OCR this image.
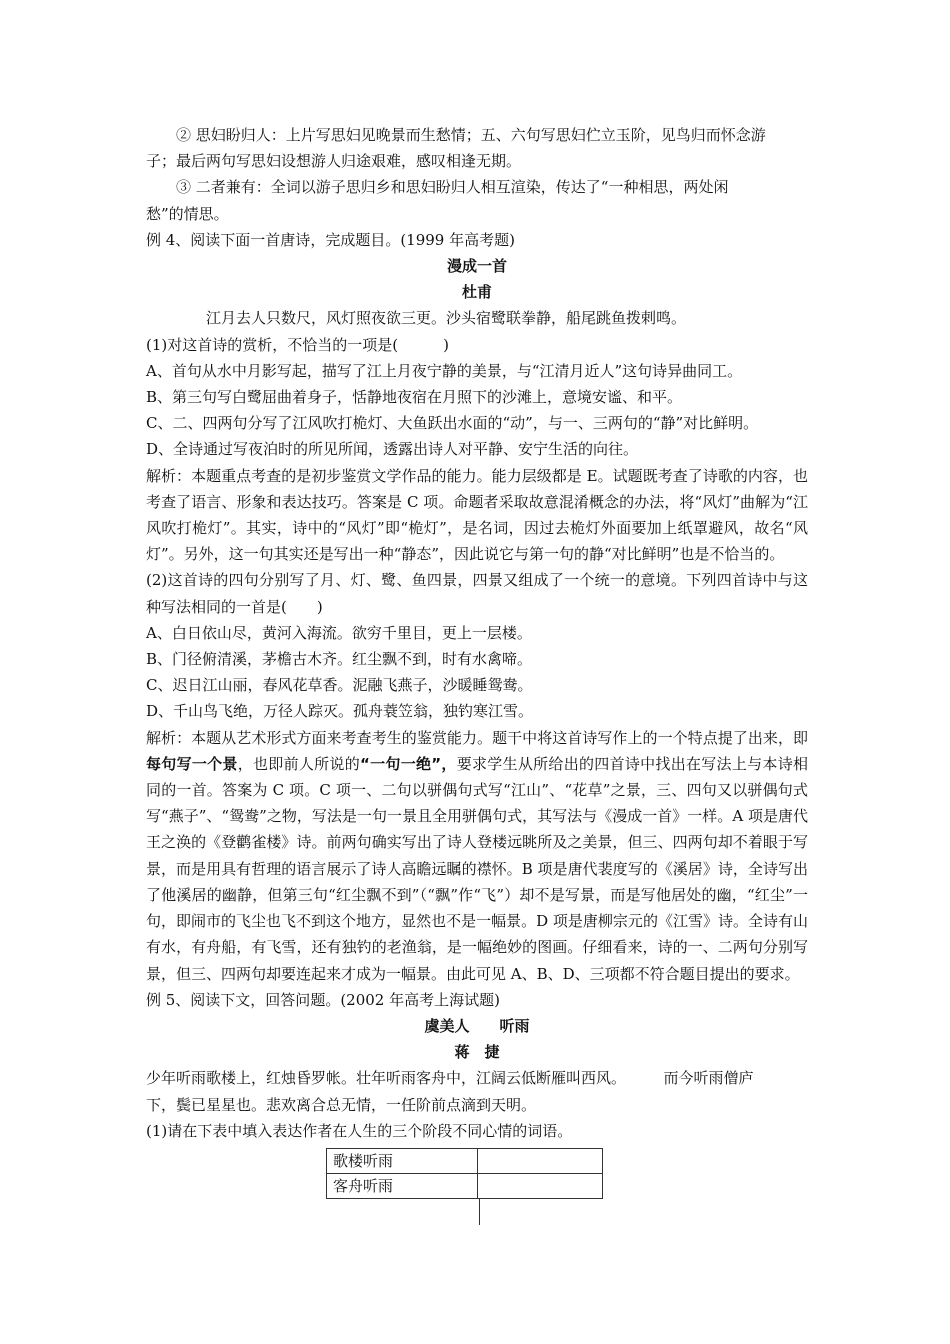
② 思妇盼归人：上片写思妇见晚景而生愁情；五、六句写思妇伫立玉阶，见鸟归而怀念游
子；最后两句写思妇设想游人归途艰难，感叹相逢无期。
③ 二者兼有：全词以游子思归乡和思妇盼归人相互渲染，传达了“一种相思，两处闲
愁”的情思。
例 4、阅读下面一首唐诗，完成题目。(1999 年高考题)
漫成一首
杜甫
江月去人只数尺，风灯照夜欲三更。沙头宿鹭联拳静，船尾跳鱼拨剌鸣。
(1)对这首诗的赏析，不恰当的一项是(　　　)
A、首句从水中月影写起，描写了江上月夜宁静的美景，与“江清月近人”这句诗异曲同工。
B、第三句写白鹭屈曲着身子，恬静地夜宿在月照下的沙滩上，意境安谧、和平。
C、二、四两句分写了江风吹打桅灯、大鱼跃出水面的“动”，与一、三两句的“静”对比鲜明。
D、全诗通过写夜泊时的所见所闻，透露出诗人对平静、安宁生活的向往。
解析：本题重点考查的是初步鉴赏文学作品的能力。能力层级都是 E。试题既考查了诗歌的内容，也考查了语言、形象和表达技巧。答案是 C 项。命题者采取故意混淆概念的办法，将“风灯”曲解为“江风吹打桅灯”。其实，诗中的“风灯”即“桅灯”，是名词，因过去桅灯外面要加上纸罩避风，故名“风灯”。另外，这一句其实还是写出一种“静态”，因此说它与第一句的静“对比鲜明”也是不恰当的。
(2)这首诗的四句分别写了月、灯、鹭、鱼四景，四景又组成了一个统一的意境。下列四首诗中与这种写法相同的一首是(　　)
A、白日依山尽，黄河入海流。欲穷千里目，更上一层楼。
B、门径俯清溪，茅檐古木齐。红尘飘不到，时有水禽啼。
C、迟日江山丽，春风花草香。泥融飞燕子，沙暖睡鸳鸯。
D、千山鸟飞绝，万径人踪灭。孤舟蓑笠翁，独钓寒江雪。
解析：本题从艺术形式方面来考查考生的鉴赏能力。题干中将这首诗写作上的一个特点提了出来，即每句写一个景，也即前人所说的“一句一绝”，要求学生从所给出的四首诗中找出在写法上与本诗相同的一首。答案为 C 项。C 项一、二句以骈偶句式写“江山”、“花草”之景，三、四句又以骈偶句式写“燕子”、“鸳鸯”之物，写法是一句一景且全用骈偶句式，其写法与《漫成一首》一样。A 项是唐代王之涣的《登鹳雀楼》诗。前两句确实写出了诗人登楼远眺所及之美景，但三、四两句却不着眼于写景，而是用具有哲理的语言展示了诗人高瞻远瞩的襟怀。B 项是唐代裴度写的《溪居》诗，全诗写出了他溪居的幽静，但第三句“红尘飘不到”（“飘”作“飞”）却不是写景，而是写他居处的幽，“红尘”一句，即闹市的飞尘也飞不到这个地方，显然也不是一幅景。D 项是唐柳宗元的《江雪》诗。全诗有山有水，有舟船，有飞雪，还有独钓的老渔翁，是一幅绝妙的图画。仔细看来，诗的一、二两句分别写景，但三、四两句却要连起来才成为一幅景。由此可见 A、B、D、三项都不符合题目提出的要求。
例 5、阅读下文，回答问题。(2002 年高考上海试题)
虞美人　　听雨
蒋　捷
少年听雨歌楼上，红烛昏罗帐。壮年听雨客舟中，江阔云低断雁叫西风。　　　而今听雨僧庐
下，鬓已星星也。悲欢离合总无情，一任阶前点滴到天明。
(1)请在下表中填入表达作者在人生的三个阶段不同心情的词语。
歌楼听雨	
客舟听雨	
